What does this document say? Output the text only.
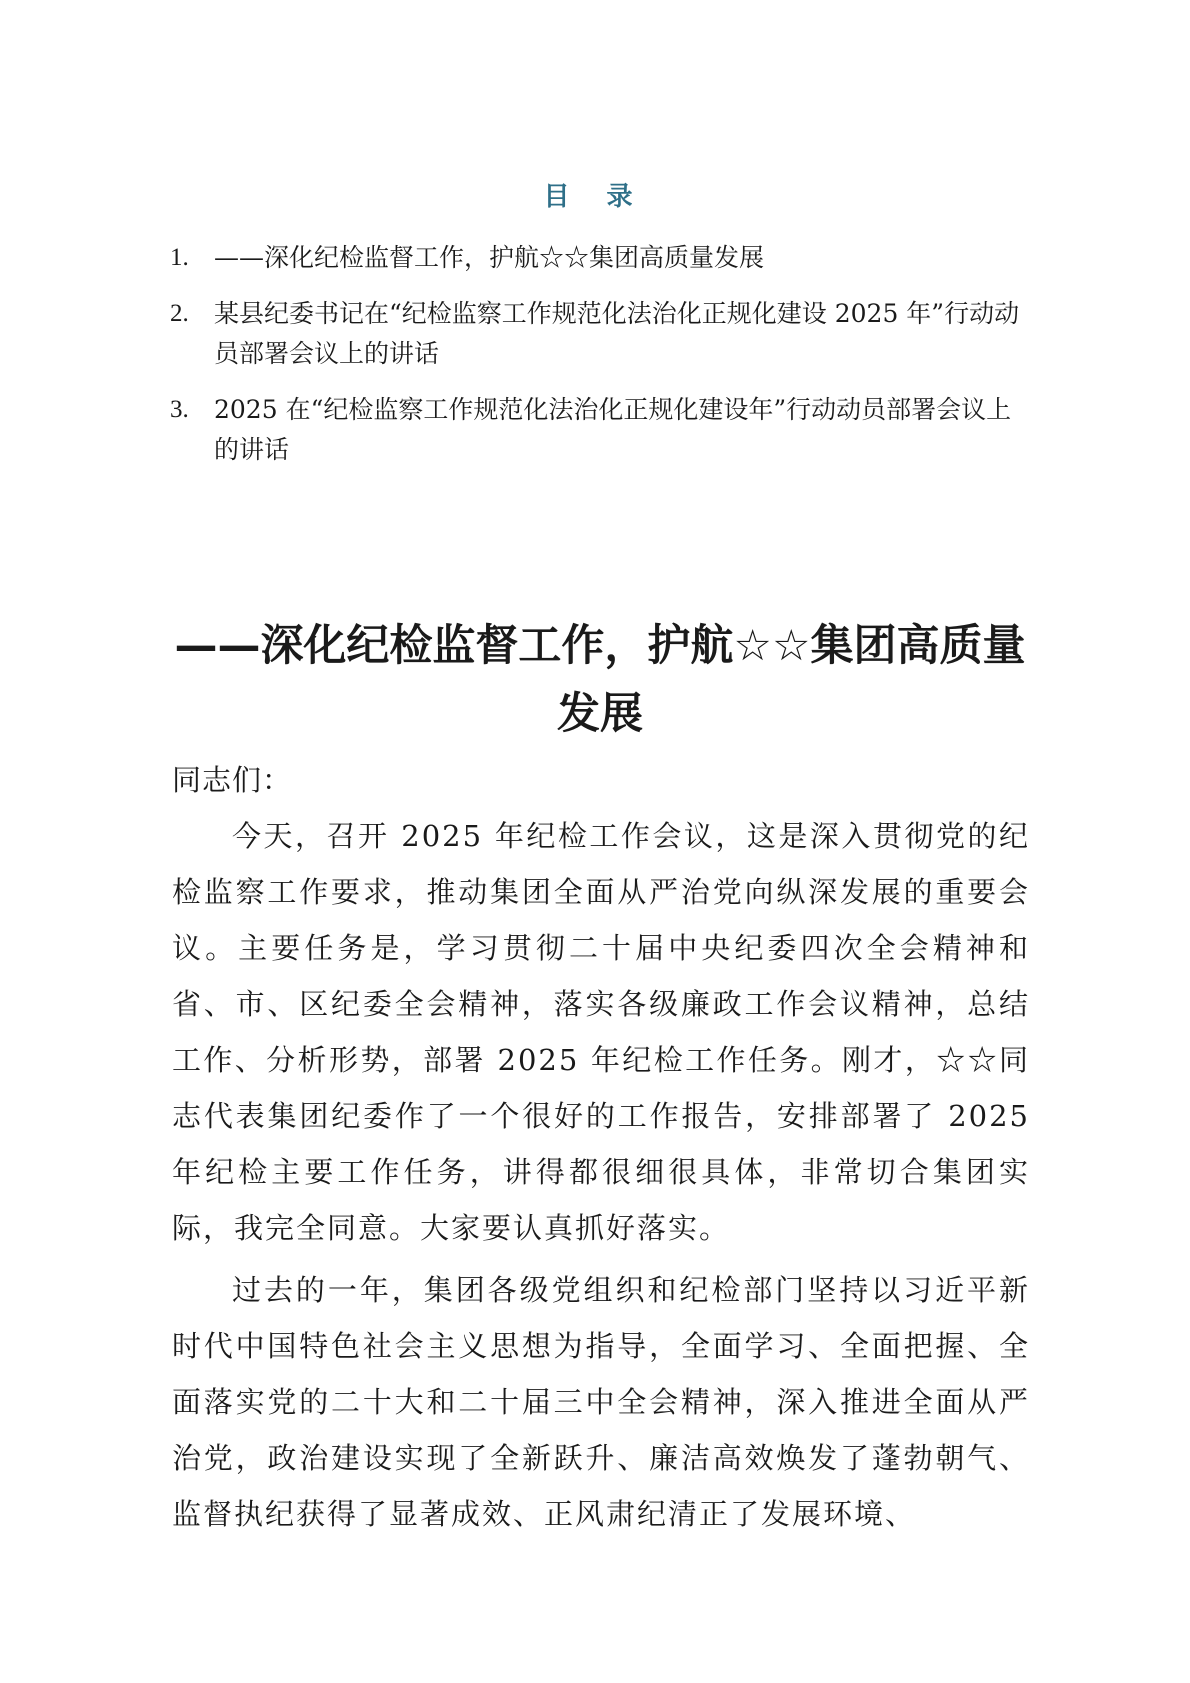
目 录
1. ——深化纪检监督工作，护航☆☆集团高质量发展
2. 某县纪委书记在“纪检监察工作规范化法治化正规化建设 2025 年”行动动员部署会议上的讲话
3. 2025 在“纪检监察工作规范化法治化正规化建设年”行动动员部署会议上的讲话
——深化纪检监督工作，护航☆☆集团高质量发展

同志们：

今天，召开 2025 年纪检工作会议，这是深入贯彻党的纪检监察工作要求，推动集团全面从严治党向纵深发展的重要会议。主要任务是，学习贯彻二十届中央纪委四次全会精神和省、市、区纪委全会精神，落实各级廉政工作会议精神，总结工作、分析形势，部署 2025 年纪检工作任务。刚才，☆☆同志代表集团纪委作了一个很好的工作报告，安排部署了 2025 年纪检主要工作任务，讲得都很细很具体，非常切合集团实际，我完全同意。大家要认真抓好落实。

过去的一年，集团各级党组织和纪检部门坚持以习近平新时代中国特色社会主义思想为指导，全面学习、全面把握、全面落实党的二十大和二十届三中全会精神，深入推进全面从严治党，政治建设实现了全新跃升、廉洁高效焕发了蓬勃朝气、监督执纪获得了显著成效、正风肃纪清正了发展环境、
